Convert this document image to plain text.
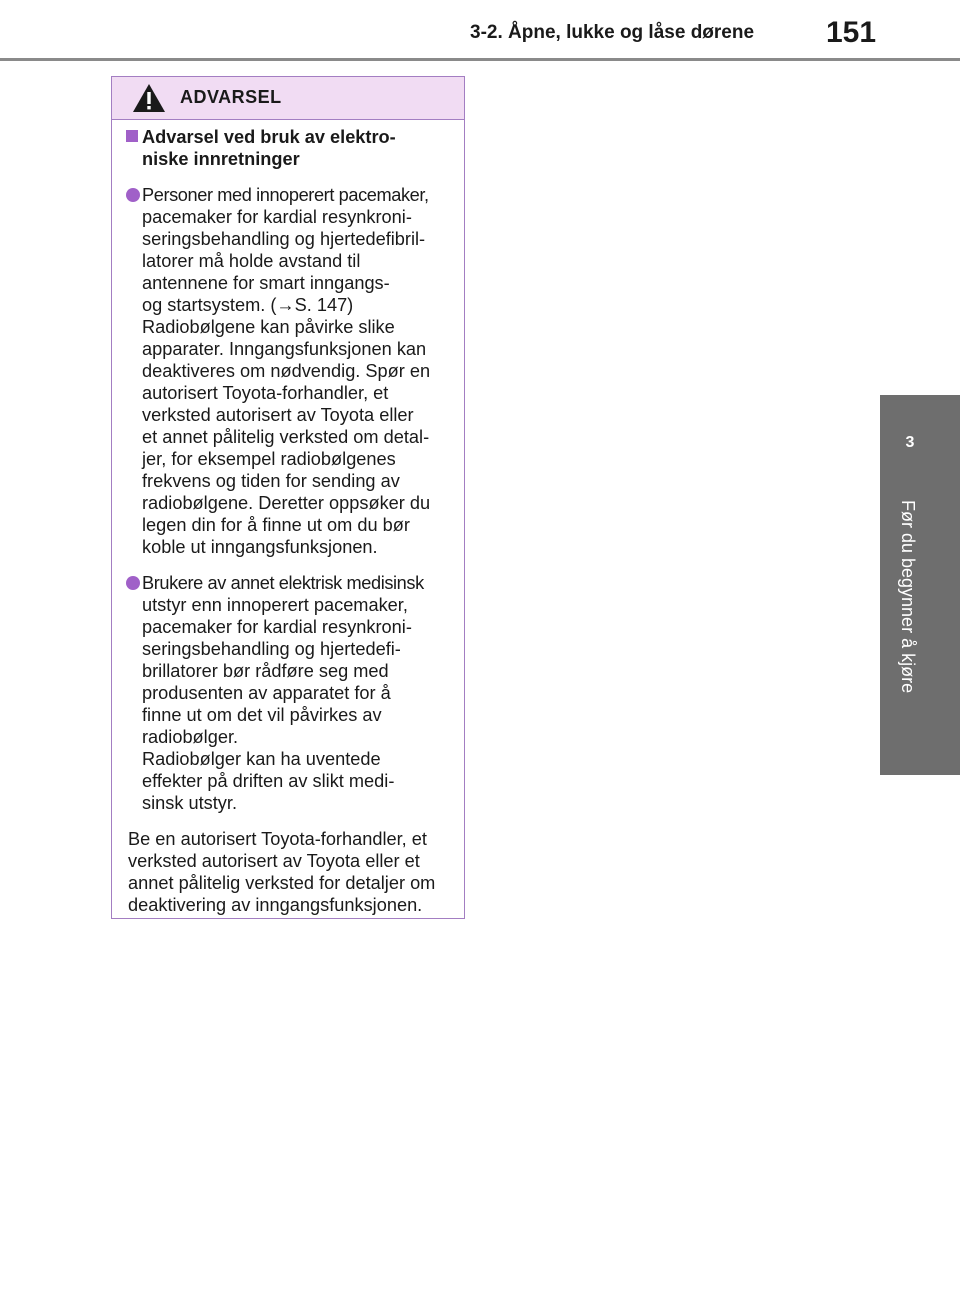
3-2. Åpne, lukke og låse dørene	151
3
Før du begynner å kjøre
ADVARSEL
Advarsel ved bruk av elektro-
niske innretninger

Personer med innoperert pacemaker,

pacemaker for kardial resynkroni-

seringsbehandling og hjertedefibril-

latorer må holde avstand til

antennene for smart inngangs-

og startsystem. (→S. 147)

Radiobølgene kan påvirke slike

apparater. Inngangsfunksjonen kan

deaktiveres om nødvendig. Spør en

autorisert Toyota-forhandler, et

verksted autorisert av Toyota eller

et annet pålitelig verksted om detal-

jer, for eksempel radiobølgenes

frekvens og tiden for sending av

radiobølgene. Deretter oppsøker du

legen din for å finne ut om du bør

koble ut inngangsfunksjonen.

Brukere av annet elektrisk medisinsk

utstyr enn innoperert pacemaker,

pacemaker for kardial resynkroni-

seringsbehandling og hjertedefi-

brillatorer bør rådføre seg med

produsenten av apparatet for å

finne ut om det vil påvirkes av

radiobølger.

Radiobølger kan ha uventede

effekter på driften av slikt medi-

sinsk utstyr.

Be en autorisert Toyota-forhandler, et

verksted autorisert av Toyota eller et

annet pålitelig verksted for detaljer om

deaktivering av inngangsfunksjonen.
